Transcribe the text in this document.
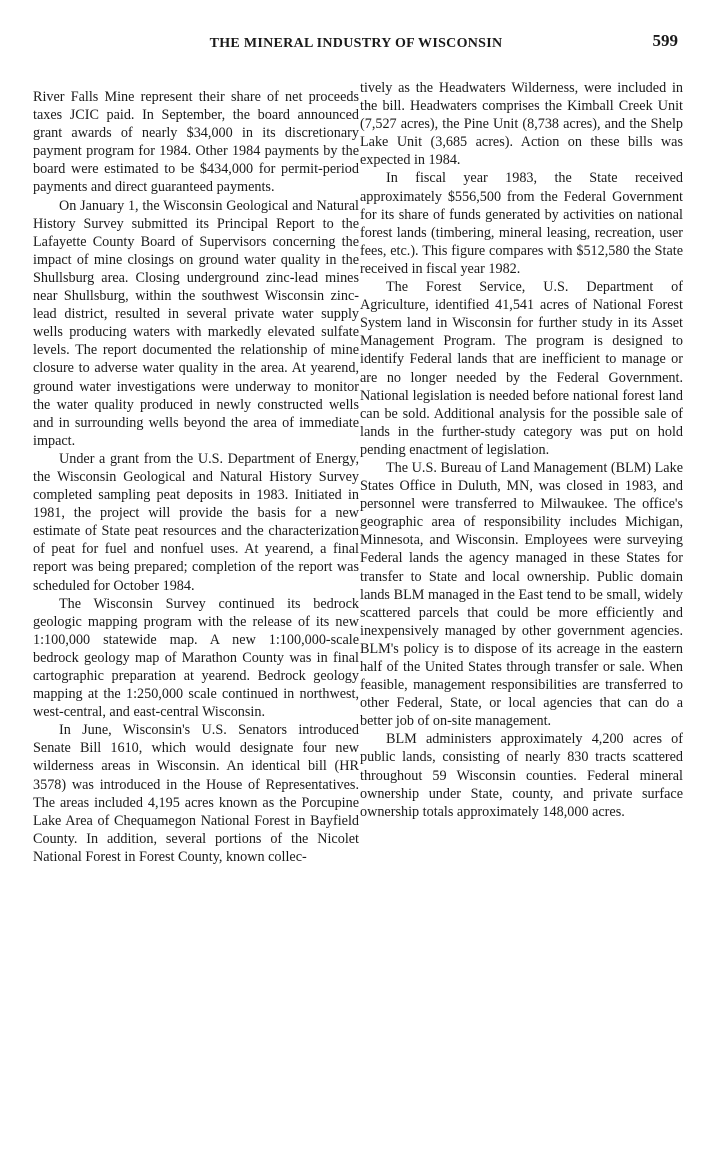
THE MINERAL INDUSTRY OF WISCONSIN	599

River Falls Mine represent their share of net proceeds taxes JCIC paid. In September, the board announced grant awards of nearly $34,000 in its discretionary payment program for 1984. Other 1984 payments by the board were estimated to be $434,000 for permit-period payments and direct guaranteed payments.

On January 1, the Wisconsin Geological and Natural History Survey submitted its Principal Report to the Lafayette County Board of Supervisors concerning the impact of mine closings on ground water quality in the Shullsburg area. Closing underground zinc-lead mines near Shullsburg, within the southwest Wisconsin zinc-lead district, resulted in several private water supply wells producing waters with markedly elevated sulfate levels. The report documented the relationship of mine closure to adverse water quality in the area. At yearend, ground water investigations were underway to monitor the water quality produced in newly constructed wells and in surrounding wells beyond the area of immediate impact.

Under a grant from the U.S. Department of Energy, the Wisconsin Geological and Natural History Survey completed sampling peat deposits in 1983. Initiated in 1981, the project will provide the basis for a new estimate of State peat resources and the characterization of peat for fuel and nonfuel uses. At yearend, a final report was being prepared; completion of the report was scheduled for October 1984.

The Wisconsin Survey continued its bedrock geologic mapping program with the release of its new 1:100,000 statewide map. A new 1:100,000-scale bedrock geology map of Marathon County was in final cartographic preparation at yearend. Bedrock geology mapping at the 1:250,000 scale continued in northwest, west-central, and east-central Wisconsin.

In June, Wisconsin's U.S. Senators introduced Senate Bill 1610, which would designate four new wilderness areas in Wisconsin. An identical bill (HR 3578) was introduced in the House of Representatives. The areas included 4,195 acres known as the Porcupine Lake Area of Chequamegon National Forest in Bayfield County. In addition, several portions of the Nicolet National Forest in Forest County, known collec-

tively as the Headwaters Wilderness, were included in the bill. Headwaters comprises the Kimball Creek Unit (7,527 acres), the Pine Unit (8,738 acres), and the Shelp Lake Unit (3,685 acres). Action on these bills was expected in 1984.

In fiscal year 1983, the State received approximately $556,500 from the Federal Government for its share of funds generated by activities on national forest lands (timbering, mineral leasing, recreation, user fees, etc.). This figure compares with $512,580 the State received in fiscal year 1982.

The Forest Service, U.S. Department of Agriculture, identified 41,541 acres of National Forest System land in Wisconsin for further study in its Asset Management Program. The program is designed to identify Federal lands that are inefficient to manage or are no longer needed by the Federal Government. National legislation is needed before national forest land can be sold. Additional analysis for the possible sale of lands in the further-study category was put on hold pending enactment of legislation.

The U.S. Bureau of Land Management (BLM) Lake States Office in Duluth, MN, was closed in 1983, and personnel were transferred to Milwaukee. The office's geographic area of responsibility includes Michigan, Minnesota, and Wisconsin. Employees were surveying Federal lands the agency managed in these States for transfer to State and local ownership. Public domain lands BLM managed in the East tend to be small, widely scattered parcels that could be more efficiently and inexpensively managed by other government agencies. BLM's policy is to dispose of its acreage in the eastern half of the United States through transfer or sale. When feasible, management responsibilities are transferred to other Federal, State, or local agencies that can do a better job of on-site management.

BLM administers approximately 4,200 acres of public lands, consisting of nearly 830 tracts scattered throughout 59 Wisconsin counties. Federal mineral ownership under State, county, and private surface ownership totals approximately 148,000 acres.
